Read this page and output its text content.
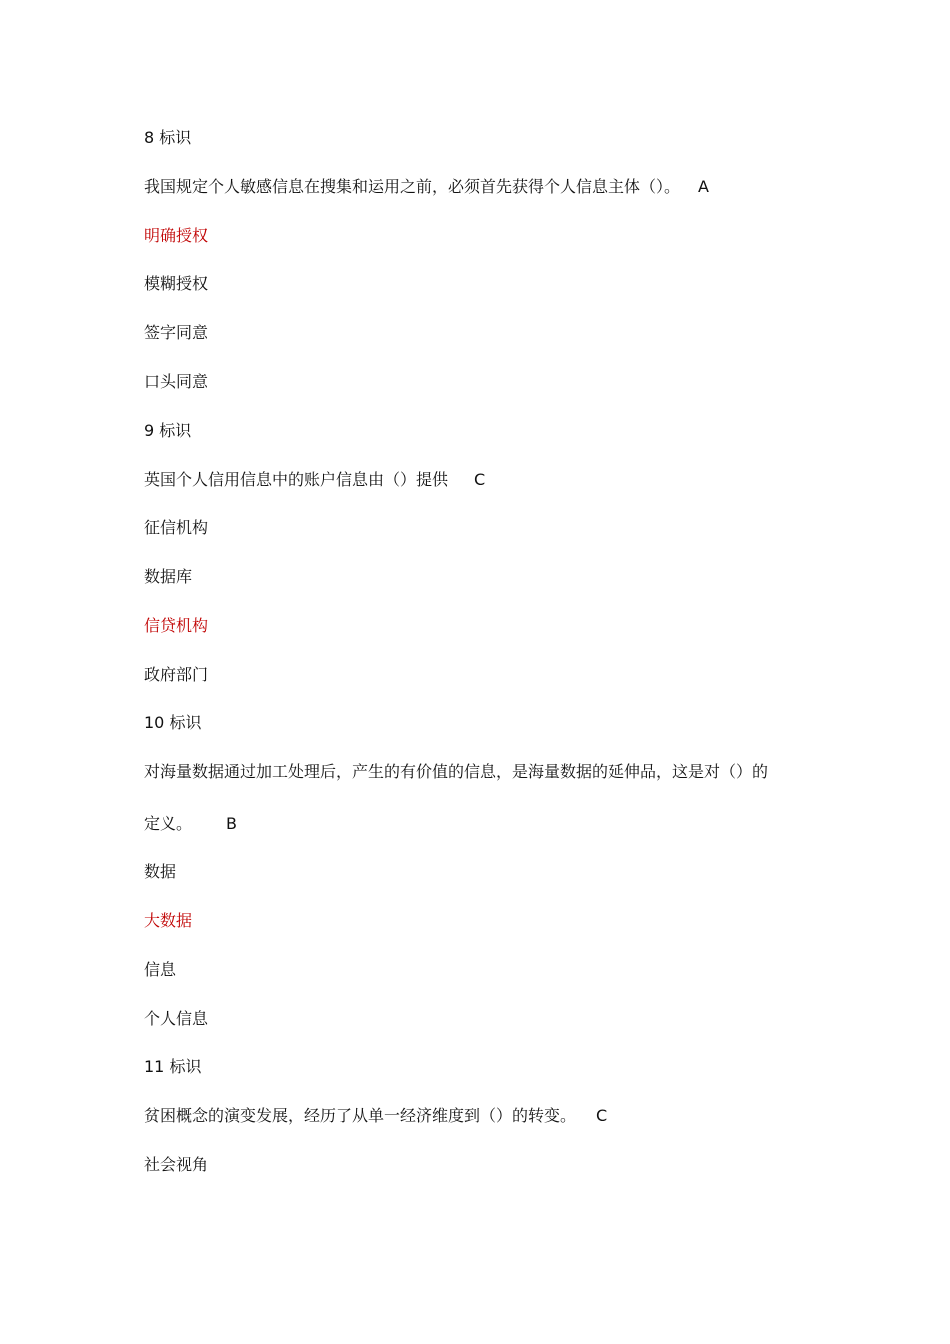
8 标识
我国规定个人敏感信息在搜集和运用之前，必须首先获得个人信息主体（）。 A
明确授权
模糊授权
签字同意
口头同意
9 标识
英国个人信用信息中的账户信息由（）提供 C
征信机构
数据库
信贷机构
政府部门
10 标识
对海量数据通过加工处理后，产生的有价值的信息，是海量数据的延伸品，这是对（）的
定义。 B
数据
大数据
信息
个人信息
11 标识
贫困概念的演变发展，经历了从单一经济维度到（）的转变。 C
社会视角
